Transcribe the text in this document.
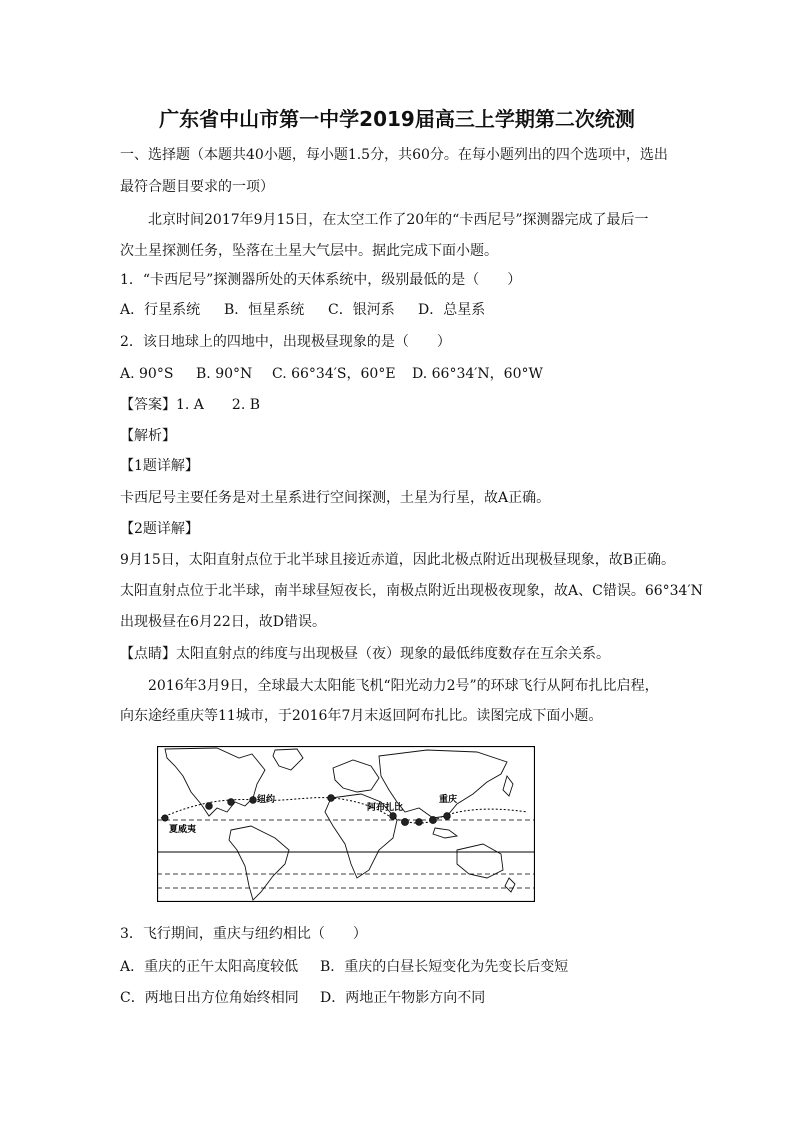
广东省中山市第一中学2019届高三上学期第二次统测
一、选择题（本题共40小题，每小题1.5分，共60分。在每小题列出的四个选项中，选出
最符合题目要求的一项）
北京时间2017年9月15日，在太空工作了20年的“卡西尼号”探测器完成了最后一
次土星探测任务，坠落在土星大气层中。据此完成下面小题。
1．“卡西尼号”探测器所处的天体系统中，级别最低的是（　　）
A．行星系统 B．恒星系统 C．银河系 D．总星系
2．该日地球上的四地中，出现极昼现象的是（　　）
A. 90°S B. 90°N C. 66°34′S，60°E D. 66°34′N，60°W
【答案】1. A　　2. B
【解析】
【1题详解】
卡西尼号主要任务是对土星系进行空间探测，土星为行星，故A正确。
【2题详解】
9月15日，太阳直射点位于北半球且接近赤道，因此北极点附近出现极昼现象，故B正确。
太阳直射点位于北半球，南半球昼短夜长，南极点附近出现极夜现象，故A、C错误。66°34′N
出现极昼在6月22日，故D错误。
【点睛】太阳直射点的纬度与出现极昼（夜）现象的最低纬度数存在互余关系。
2016年3月9日，全球最大太阳能飞机“阳光动力2号”的环球飞行从阿布扎比启程，
向东途经重庆等11城市，于2016年7月末返回阿布扎比。读图完成下面小题。
纽约
阿布扎比
重庆
夏威夷
3．飞行期间，重庆与纽约相比（　　）
A．重庆的正午太阳高度较低 B．重庆的白昼长短变化为先变长后变短
C．两地日出方位角始终相同 D．两地正午物影方向不同
